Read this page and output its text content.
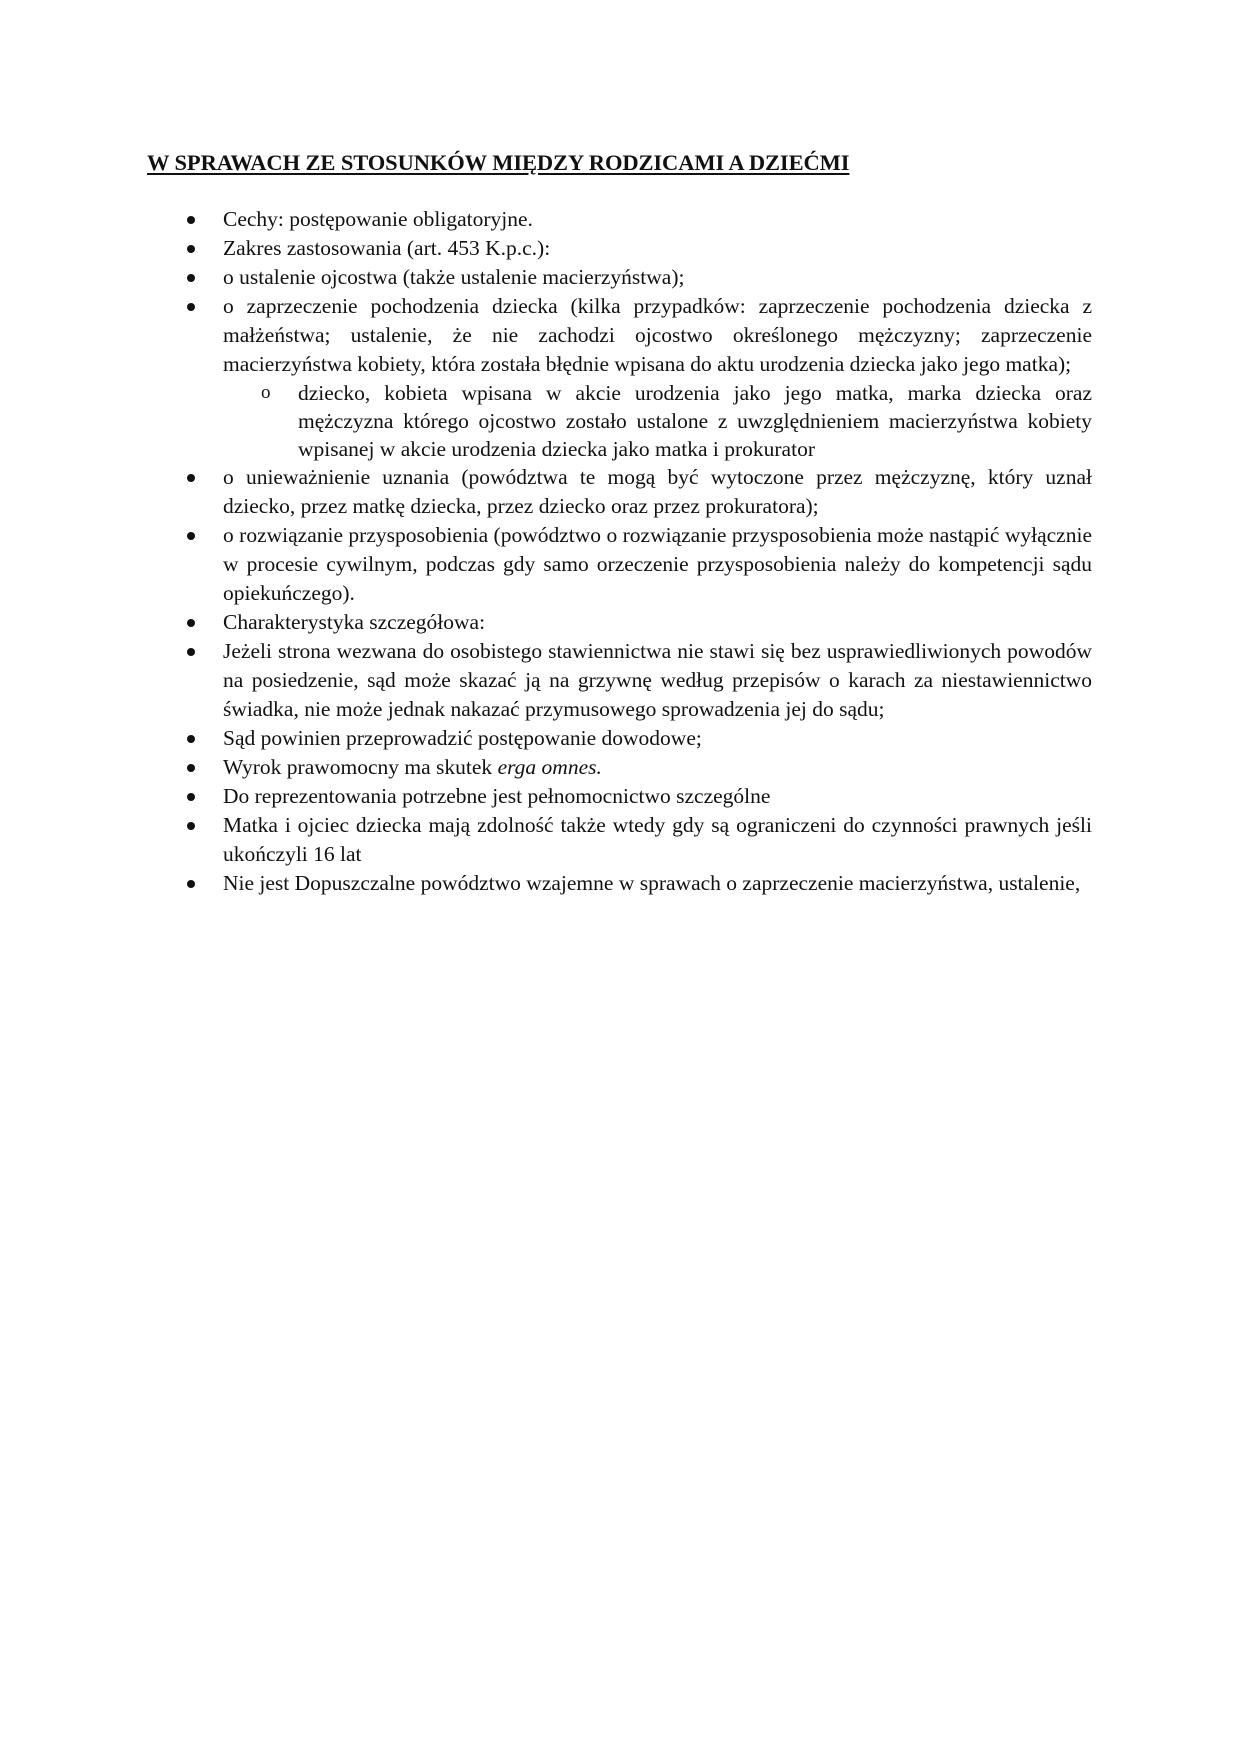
W SPRAWACH ZE STOSUNKÓW MIĘDZY RODZICAMI A DZIEĆMI
Cechy: postępowanie obligatoryjne.
Zakres zastosowania (art. 453 K.p.c.):
o ustalenie ojcostwa (także ustalenie macierzyństwa);
o zaprzeczenie pochodzenia dziecka (kilka przypadków: zaprzeczenie pochodzenia dziecka z małżeństwa; ustalenie, że nie zachodzi ojcostwo określonego mężczyzny; zaprzeczenie macierzyństwa kobiety, która została błędnie wpisana do aktu urodzenia dziecka jako jego matka);
o dziecko, kobieta wpisana w akcie urodzenia jako jego matka, marka dziecka oraz mężczyzna którego ojcostwo zostało ustalone z uwzględnieniem macierzyństwa kobiety wpisanej w akcie urodzenia dziecka jako matka i prokurator
o unieważnienie uznania (powództwa te mogą być wytoczone przez mężczyznę, który uznał dziecko, przez matkę dziecka, przez dziecko oraz przez prokuratora);
o rozwiązanie przysposobienia (powództwo o rozwiązanie przysposobienia może nastąpić wyłącznie w procesie cywilnym, podczas gdy samo orzeczenie przysposobienia należy do kompetencji sądu opiekuńczego).
Charakterystyka szczegółowa:
Jeżeli strona wezwana do osobistego stawiennictwa nie stawi się bez usprawiedliwionych powodów na posiedzenie, sąd może skazać ją na grzywnę według przepisów o karach za niestawiennictwo świadka, nie może jednak nakazać przymusowego sprowadzenia jej do sądu;
Sąd powinien przeprowadzić postępowanie dowodowe;
Wyrok prawomocny ma skutek erga omnes.
Do reprezentowania potrzebne jest pełnomocnictwo szczególne
Matka i ojciec dziecka mają zdolność także wtedy gdy są ograniczeni do czynności prawnych jeśli ukończyli 16 lat
Nie jest Dopuszczalne powództwo wzajemne w sprawach o zaprzeczenie macierzyństwa, ustalenie,
